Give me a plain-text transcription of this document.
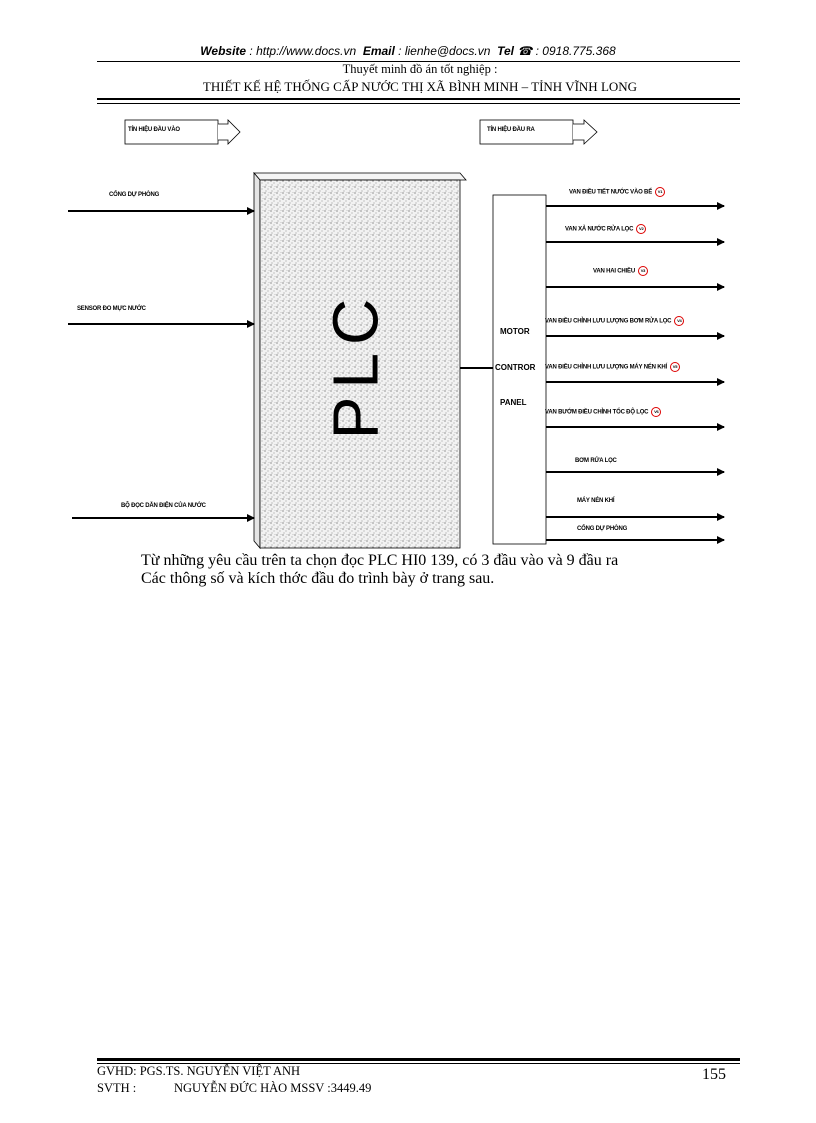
Website : http://www.docs.vn Email : lienhe@docs.vn Tel ☎ : 0918.775.368
Thuyết minh đồ án tốt nghiệp :
THIẾT KẾ HỆ THỐNG CẤP NƯỚC THỊ XÃ BÌNH MINH – TỈNH VĨNH LONG
TÍN HIỆU ĐẦU VÀO	TÍN HIỆU ĐẦU RA
PLC
CỔNG DỰ PHÒNG
SENSOR ĐO MỰC NƯỚC
BỘ ĐỌC DẪN ĐIỆN CỦA NƯỚC
MOTOR
CONTROR
PANEL
VAN ĐIỀU TIẾT NƯỚC VÀO BỂ V1
VAN XẢ NƯỚC RỬA LỌC V2
VAN HAI CHIỀU V3
VAN ĐIỀU CHỈNH LƯU LƯỢNG BƠM RỬA LỌC V4
VAN ĐIỀU CHỈNH LƯU LƯỢNG MÁY NÉN KHÍ V5
VAN BƯỚM ĐIỀU CHỈNH TỐC ĐỘ LỌC V6
BƠM RỬA LỌC
MÁY NÉN KHÍ
CỔNG DỰ PHÒNG
Từ những yêu cầu trên ta chọn đọc PLC HI0 139, có 3 đầu vào và 9 đầu ra
Các thông số và kích thớc đầu đo trình bày ở trang sau.
GVHD: PGS.TS. NGUYỄN VIỆT ANH
SVTH :	NGUYỄN ĐỨC HÀO MSSV :3449.49
155
